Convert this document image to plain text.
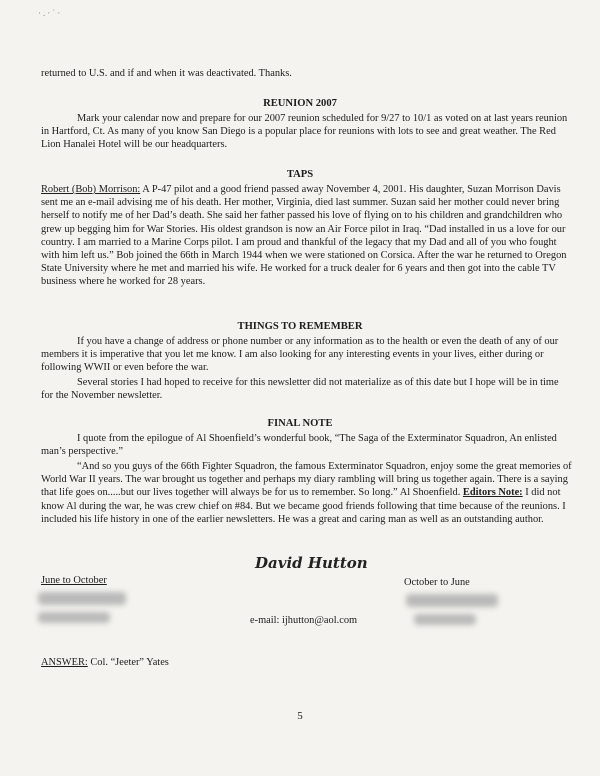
·.·˙·
returned to U.S. and if and when it was deactivated. Thanks.
REUNION 2007
Mark your calendar now and prepare for our 2007 reunion scheduled for 9/27 to 10/1 as voted on at last years reunion in Hartford, Ct. As many of you know San Diego is a popular place for reunions with lots to see and great weather. The Red Lion Hanalei Hotel will be our headquarters.
TAPS
Robert (Bob) Morrison: A P-47 pilot and a good friend passed away November 4, 2001. His daughter, Suzan Morrison Davis sent me an e-mail advising me of his death. Her mother, Virginia, died last summer. Suzan said her mother could never bring herself to notify me of her Dad’s death. She said her father passed his love of flying on to his children and grandchildren who grew up begging him for War Stories. His oldest grandson is now an Air Force pilot in Iraq. “Dad installed in us a love for our country. I am married to a Marine Corps pilot. I am proud and thankful of the legacy that my Dad and all of you who fought with him left us.” Bob joined the 66th in March 1944 when we were stationed on Corsica. After the war he returned to Oregon State University where he met and married his wife. He worked for a truck dealer for 6 years and then got into the cable TV business where he worked for 28 years.
THINGS TO REMEMBER
If you have a change of address or phone number or any information as to the health or even the death of any of our members it is imperative that you let me know. I am also looking for any interesting events in your lives, either during or following WWII or even before the war.
Several stories I had hoped to receive for this newsletter did not materialize as of this date but I hope will be in time for the November newsletter.
FINAL NOTE
I quote from the epilogue of Al Shoenfield’s wonderful book, “The Saga of the Exterminator Squadron, An enlisted man’s perspective.”
“And so you guys of the 66th Fighter Squadron, the famous Exterminator Squadron, enjoy some the great memories of World War II years. The war brought us together and perhaps my diary rambling will bring us together again. There is a saying that life goes on.....but our lives together will always be for us to remember. So long.” Al Shoenfield. Editors Note: I did not know Al during the war, he was crew chief on #84. But we became good friends following that time because of the reunions. I included his life history in one of the earlier newsletters. He was a great and caring man as well as an outstanding author.
David Hutton
June to October	October to June
e-mail: ijhutton@aol.com
ANSWER: Col. “Jeeter” Yates
5
